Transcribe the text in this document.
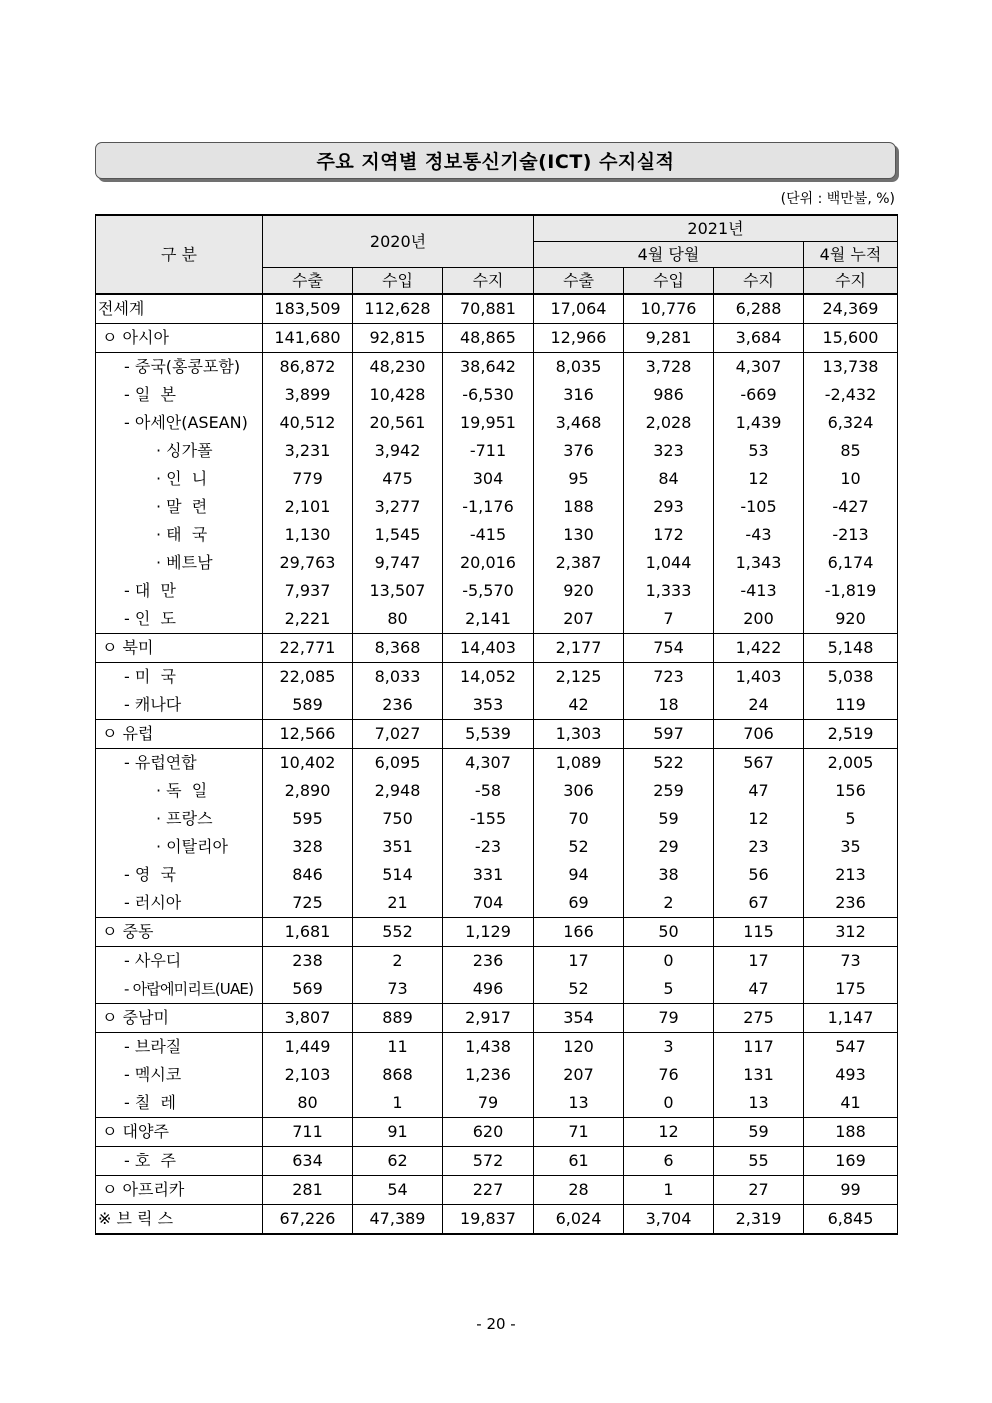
주요 지역별 정보통신기술(ICT) 수지실적
(단위 : 백만불, %)
구 분	2020년			2021년			
				4월 당월			4월 누적
	수출	수입	수지	수출	수입	수지	수지
전세계	183,509	112,628	70,881	17,064	10,776	6,288	24,369
ㅇ 아시아	141,680	92,815	48,865	12,966	9,281	3,684	15,600
- 중국(홍콩포함)	86,872	48,230	38,642	8,035	3,728	4,307	13,738
- 일  본	3,899	10,428	-6,530	316	986	-669	-2,432
- 아세안(ASEAN)	40,512	20,561	19,951	3,468	2,028	1,439	6,324
· 싱가폴	3,231	3,942	-711	376	323	53	85
· 인  니	779	475	304	95	84	12	10
· 말  련	2,101	3,277	-1,176	188	293	-105	-427
· 태  국	1,130	1,545	-415	130	172	-43	-213
· 베트남	29,763	9,747	20,016	2,387	1,044	1,343	6,174
- 대  만	7,937	13,507	-5,570	920	1,333	-413	-1,819
- 인  도	2,221	80	2,141	207	7	200	920
ㅇ 북미	22,771	8,368	14,403	2,177	754	1,422	5,148
- 미  국	22,085	8,033	14,052	2,125	723	1,403	5,038
- 캐나다	589	236	353	42	18	24	119
ㅇ 유럽	12,566	7,027	5,539	1,303	597	706	2,519
- 유럽연합	10,402	6,095	4,307	1,089	522	567	2,005
· 독  일	2,890	2,948	-58	306	259	47	156
· 프랑스	595	750	-155	70	59	12	5
· 이탈리아	328	351	-23	52	29	23	35
- 영  국	846	514	331	94	38	56	213
- 러시아	725	21	704	69	2	67	236
ㅇ 중동	1,681	552	1,129	166	50	115	312
- 사우디	238	2	236	17	0	17	73
- 아랍에미리트(UAE)	569	73	496	52	5	47	175
ㅇ 중남미	3,807	889	2,917	354	79	275	1,147
- 브라질	1,449	11	1,438	120	3	117	547
- 멕시코	2,103	868	1,236	207	76	131	493
- 칠  레	80	1	79	13	0	13	41
ㅇ 대양주	711	91	620	71	12	59	188
- 호  주	634	62	572	61	6	55	169
ㅇ 아프리카	281	54	227	28	1	27	99
※ 브 릭 스	67,226	47,389	19,837	6,024	3,704	2,319	6,845
- 20 -
